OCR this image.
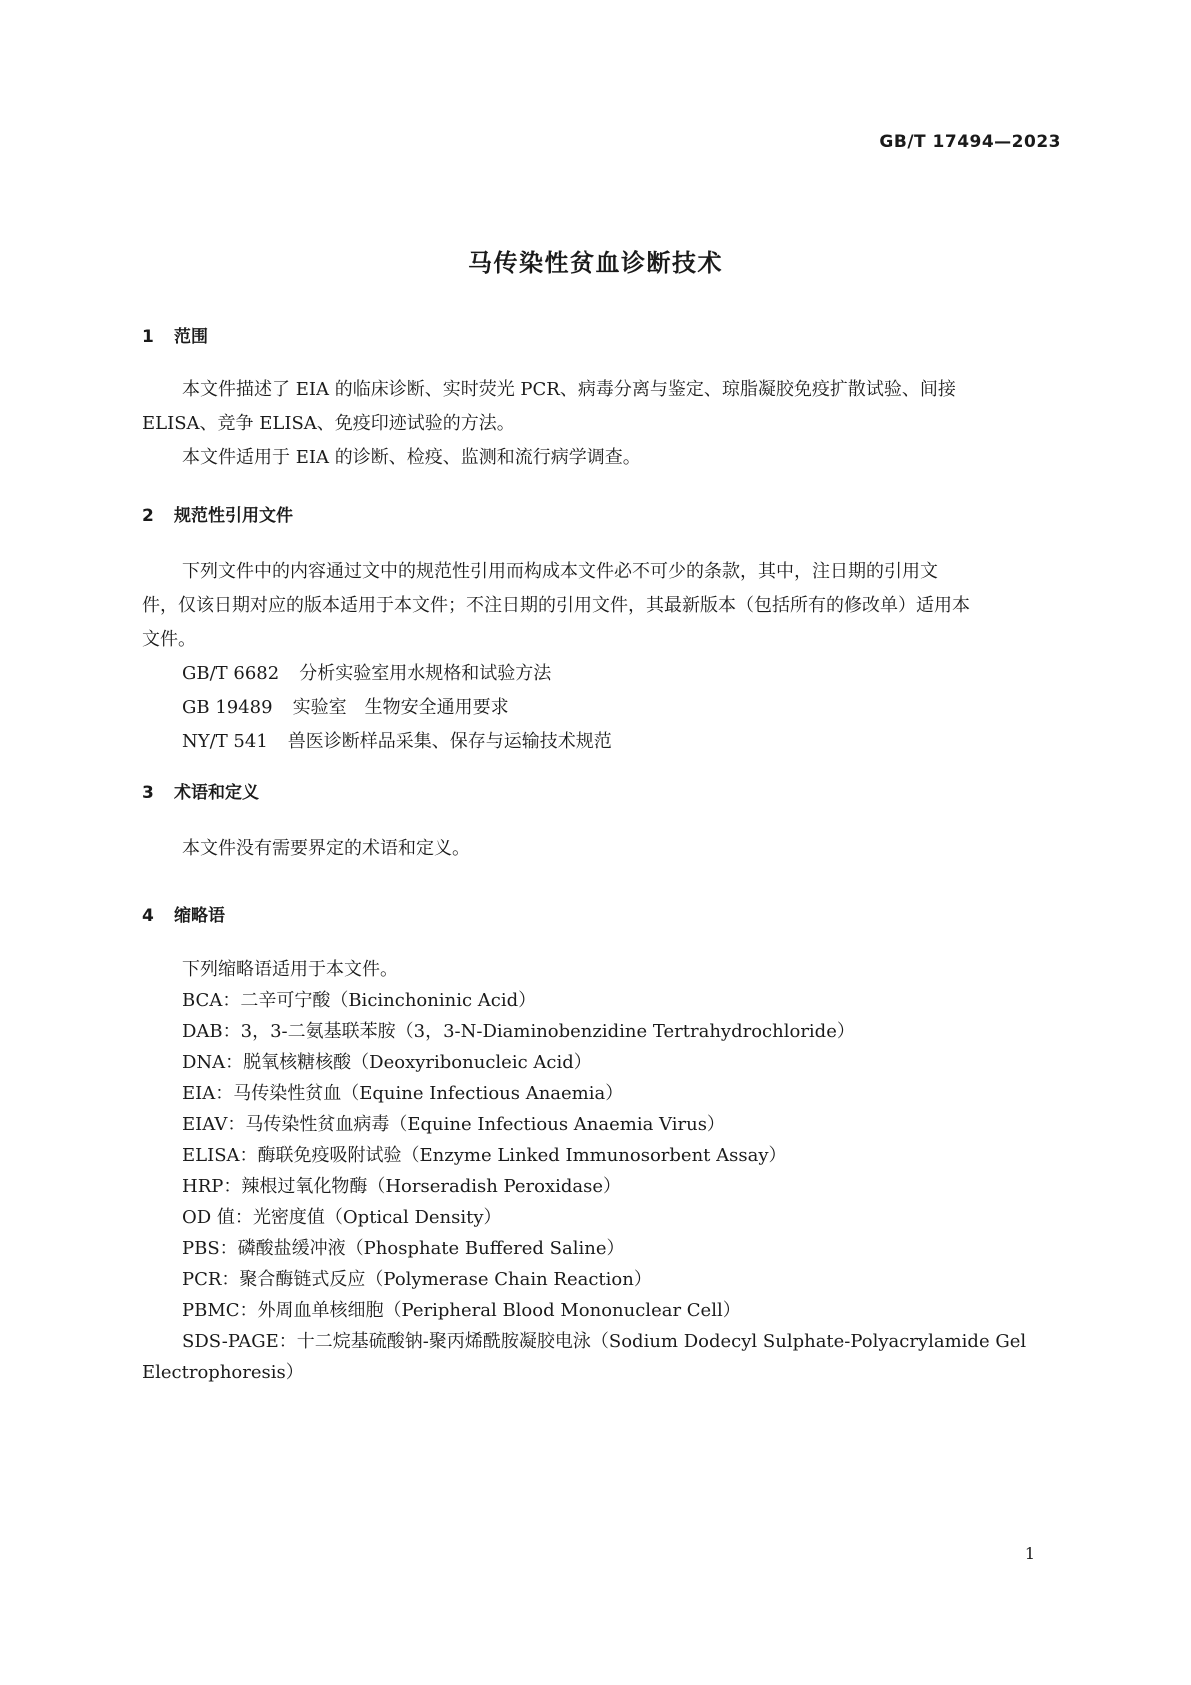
GB/T 17494—2023
马传染性贫血诊断技术
1 范围
本文件描述了 EIA 的临床诊断、实时荧光 PCR、病毒分离与鉴定、琼脂凝胶免疫扩散试验、间接
ELISA、竞争 ELISA、免疫印迹试验的方法。
本文件适用于 EIA 的诊断、检疫、监测和流行病学调查。
2 规范性引用文件
下列文件中的内容通过文中的规范性引用而构成本文件必不可少的条款，其中，注日期的引用文
件，仅该日期对应的版本适用于本文件；不注日期的引用文件，其最新版本（包括所有的修改单）适用本
文件。
GB/T 6682 分析实验室用水规格和试验方法
GB 19489 实验室　生物安全通用要求
NY/T 541 兽医诊断样品采集、保存与运输技术规范
3 术语和定义
本文件没有需要界定的术语和定义。
4 缩略语
下列缩略语适用于本文件。
BCA：二辛可宁酸（Bicinchoninic Acid）
DAB：3，3-二氨基联苯胺（3，3-N-Diaminobenzidine Tertrahydrochloride）
DNA：脱氧核糖核酸（Deoxyribonucleic Acid）
EIA：马传染性贫血（Equine Infectious Anaemia）
EIAV：马传染性贫血病毒（Equine Infectious Anaemia Virus）
ELISA：酶联免疫吸附试验（Enzyme Linked Immunosorbent Assay）
HRP：辣根过氧化物酶（Horseradish Peroxidase）
OD 值：光密度值（Optical Density）
PBS：磷酸盐缓冲液（Phosphate Buffered Saline）
PCR：聚合酶链式反应（Polymerase Chain Reaction）
PBMC：外周血单核细胞（Peripheral Blood Mononuclear Cell）
SDS-PAGE：十二烷基硫酸钠-聚丙烯酰胺凝胶电泳（Sodium Dodecyl Sulphate-Polyacrylamide Gel
Electrophoresis）
1
